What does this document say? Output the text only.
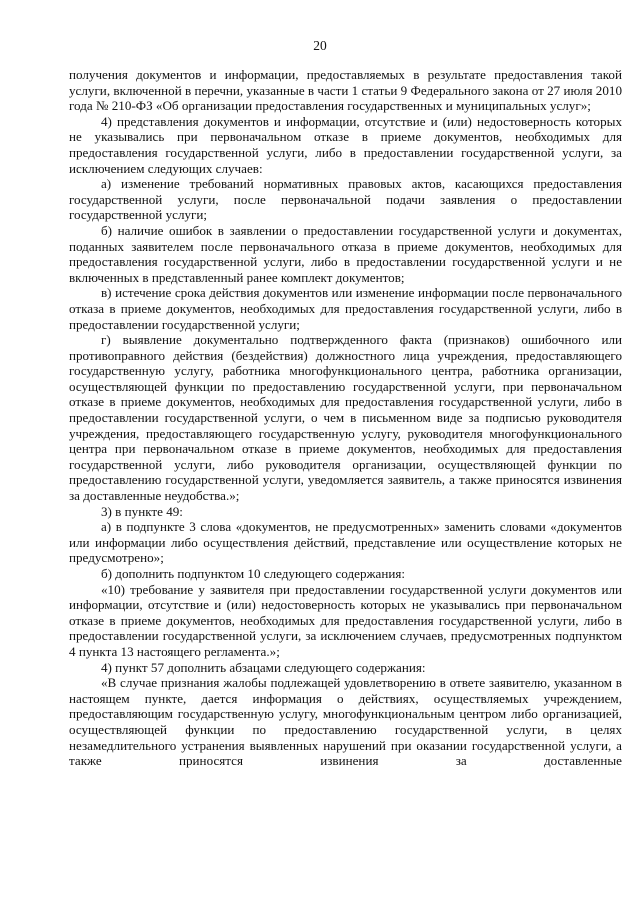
20

получения документов и информации, предоставляемых в результате предоставления такой услуги, включенной в перечни, указанные в части 1 статьи 9 Федерального закона от 27 июля 2010 года № 210-ФЗ «Об организации предоставления государственных и муниципальных услуг»;

4) представления документов и информации, отсутствие и (или) недостоверность которых не указывались при первоначальном отказе в приеме документов, необходимых для предоставления государственной услуги, либо в предоставлении государственной услуги, за исключением следующих случаев:

а) изменение требований нормативных правовых актов, касающихся предоставления государственной услуги, после первоначальной подачи заявления о предоставлении государственной услуги;

б) наличие ошибок в заявлении о предоставлении государственной услуги и документах, поданных заявителем после первоначального отказа в приеме документов, необходимых для предоставления государственной услуги, либо в предоставлении государственной услуги и не включенных в представленный ранее комплект документов;

в) истечение срока действия документов или изменение информации после первоначального отказа в приеме документов, необходимых для предоставления государственной услуги, либо в предоставлении государственной услуги;

г) выявление документально подтвержденного факта (признаков) ошибочного или противоправного действия (бездействия) должностного лица учреждения, предоставляющего государственную услугу, работника многофункционального центра, работника организации, осуществляющей функции по предоставлению государственной услуги, при первоначальном отказе в приеме документов, необходимых для предоставления государственной услуги, либо в предоставлении государственной услуги, о чем в письменном виде за подписью руководителя учреждения, предоставляющего государственную услугу, руководителя многофункционального центра при первоначальном отказе в приеме документов, необходимых для предоставления государственной услуги, либо руководителя организации, осуществляющей функции по предоставлению государственной услуги, уведомляется заявитель, а также приносятся извинения за доставленные неудобства.»;

3) в пункте 49:

а) в подпункте 3 слова «документов, не предусмотренных» заменить словами «документов или информации либо осуществления действий, представление или осуществление которых не предусмотрено»;

б) дополнить подпунктом 10 следующего содержания:

«10) требование у заявителя при предоставлении государственной услуги документов или информации, отсутствие и (или) недостоверность которых не указывались при первоначальном отказе в приеме документов, необходимых для предоставления государственной услуги, либо в предоставлении государственной услуги, за исключением случаев, предусмотренных подпунктом 4 пункта 13 настоящего регламента.»;

4) пункт 57 дополнить абзацами следующего содержания:

«В случае признания жалобы подлежащей удовлетворению в ответе заявителю, указанном в настоящем пункте, дается информация о действиях, осуществляемых учреждением, предоставляющим государственную услугу, многофункциональным центром либо организацией, осуществляющей функции по предоставлению государственной услуги, в целях незамедлительного устранения выявленных нарушений при оказании государственной услуги, а также приносятся извинения за доставленные
